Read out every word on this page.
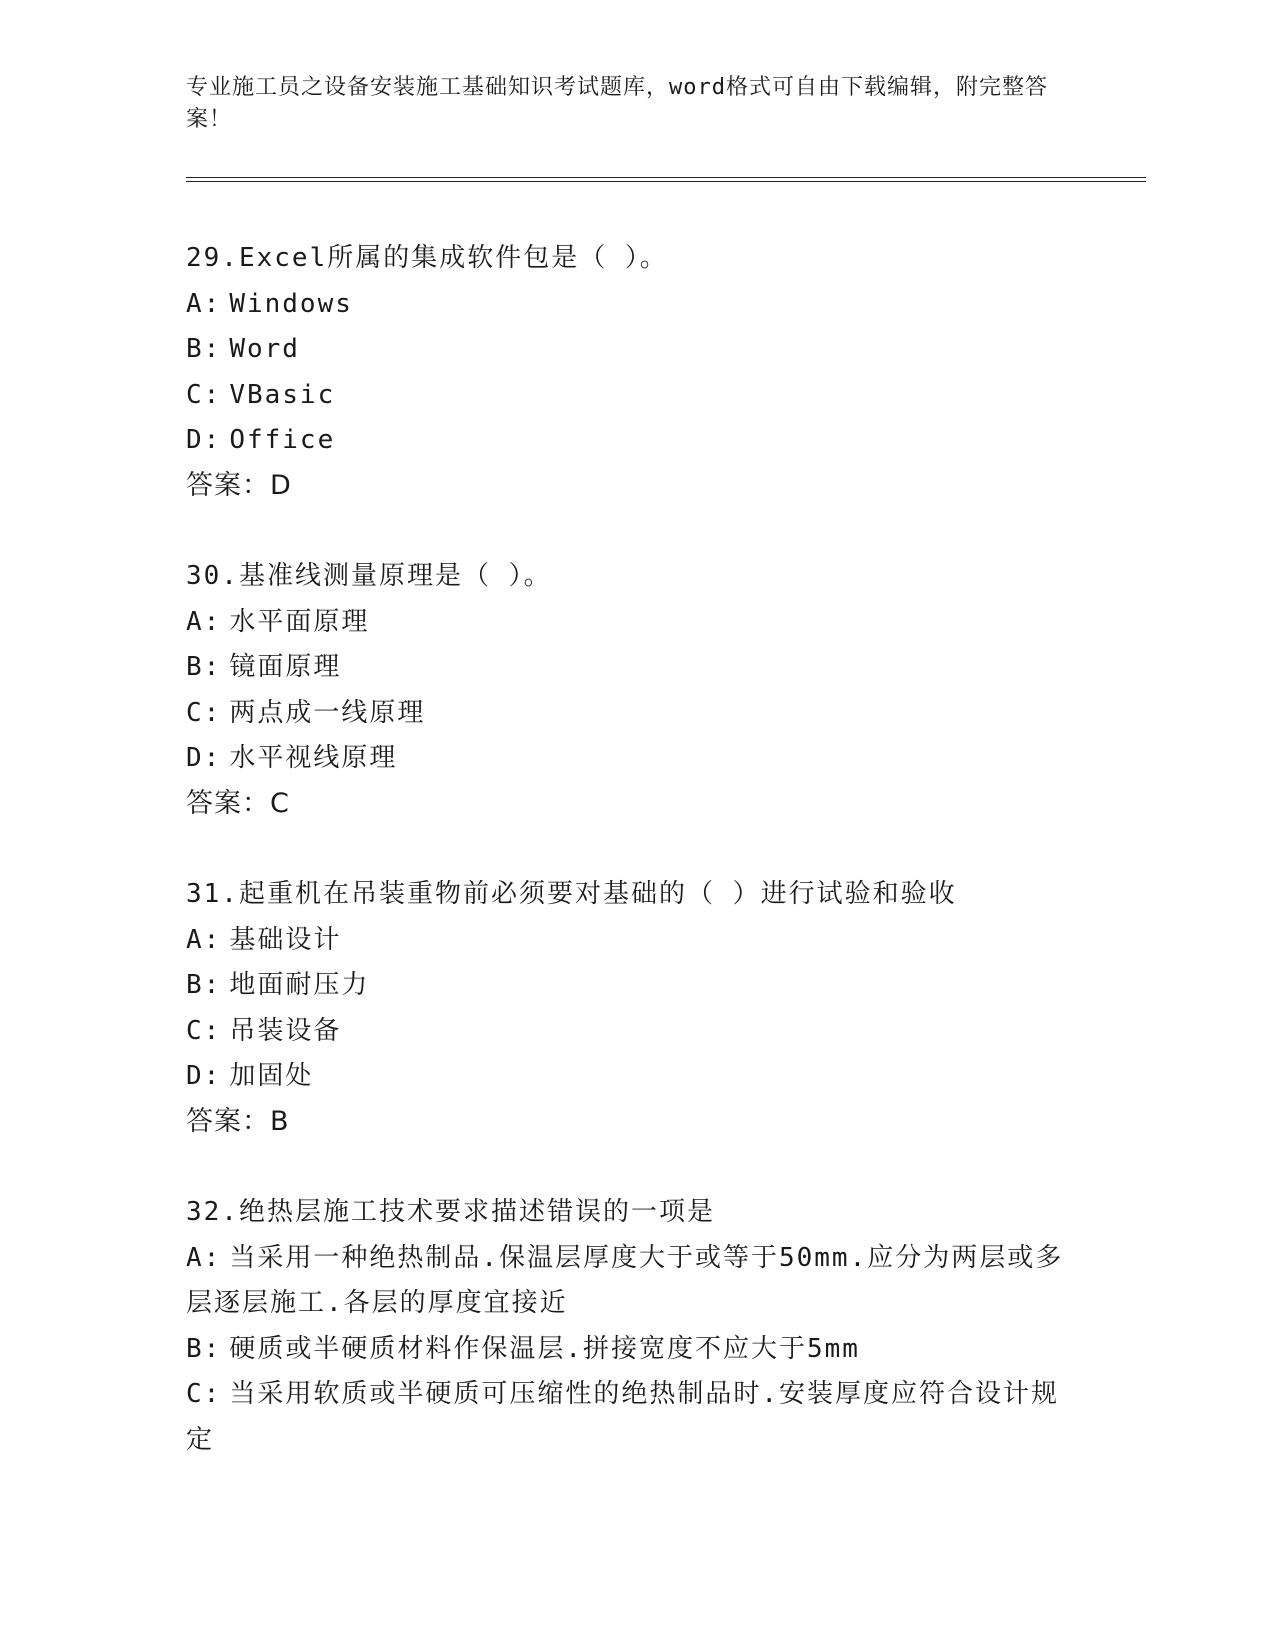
专业施工员之设备安装施工基础知识考试题库，word格式可自由下载编辑，附完整答案！
29.Excel所属的集成软件包是（ ）。
A: Windows
B: Word
C: VBasic
D: Office
答案：D
30.基准线测量原理是（ ）。
A: 水平面原理
B: 镜面原理
C: 两点成一线原理
D: 水平视线原理
答案：C
31.起重机在吊装重物前必须要对基础的（ ）进行试验和验收
A: 基础设计
B: 地面耐压力
C: 吊装设备
D: 加固处
答案：B
32.绝热层施工技术要求描述错误的一项是
A: 当采用一种绝热制品.保温层厚度大于或等于50mm.应分为两层或多层逐层施工.各层的厚度宜接近
B: 硬质或半硬质材料作保温层.拼接宽度不应大于5mm
C: 当采用软质或半硬质可压缩性的绝热制品时.安装厚度应符合设计规定
